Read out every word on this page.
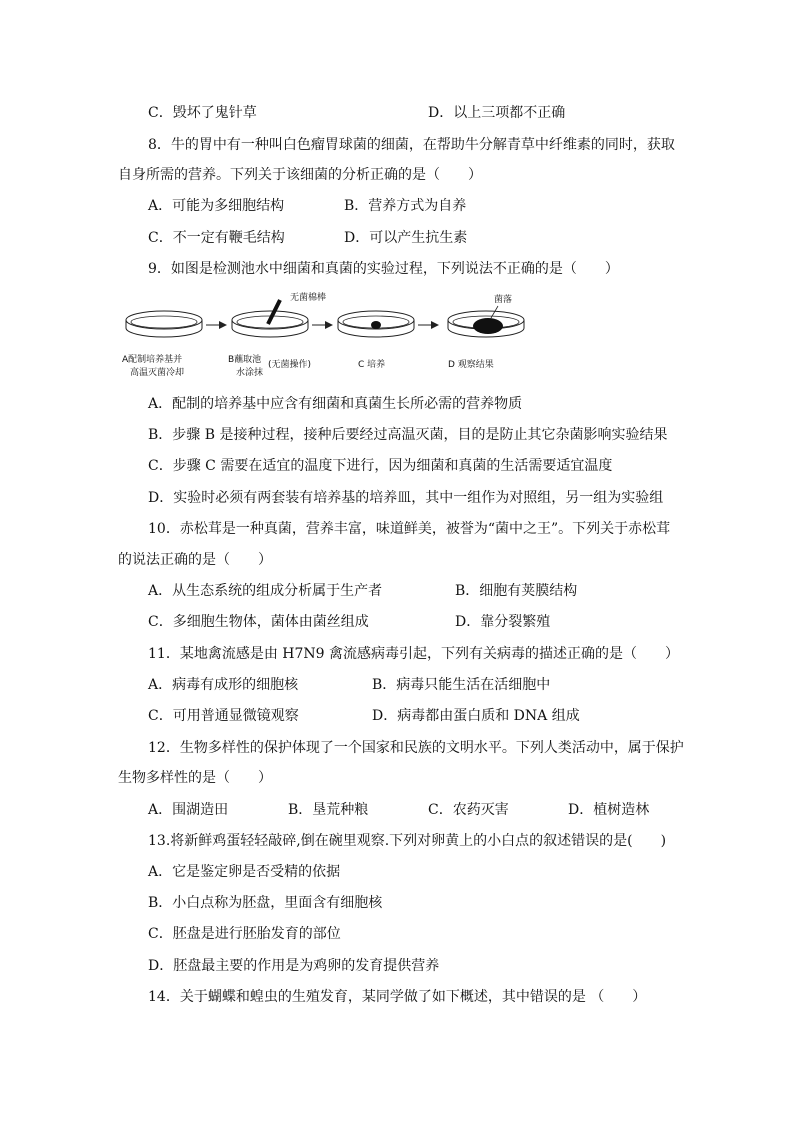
C．毁坏了鬼针草	D．以上三项都不正确
8．牛的胃中有一种叫白色瘤胃球菌的细菌，在帮助牛分解青草中纤维素的同时，获取
自身所需的营养。下列关于该细菌的分析正确的是（　　）
A．可能为多细胞结构	B．营养方式为自养
C．不一定有鞭毛结构	D．可以产生抗生素
9．如图是检测池水中细菌和真菌的实验过程，下列说法不正确的是（　　）
无菌棉棒	菌落
A配制培养基并
高温灭菌冷却
B蘸取池
水涂抹
(无菌操作)	C 培养	D 观察结果
A．配制的培养基中应含有细菌和真菌生长所必需的营养物质
B．步骤 B 是接种过程，接种后要经过高温灭菌，目的是防止其它杂菌影响实验结果
C．步骤 C 需要在适宜的温度下进行，因为细菌和真菌的生活需要适宜温度
D．实验时必须有两套装有培养基的培养皿，其中一组作为对照组，另一组为实验组
10．赤松茸是一种真菌，营养丰富，味道鲜美，被誉为“菌中之王”。下列关于赤松茸
的说法正确的是（　　）
A．从生态系统的组成分析属于生产者	B．细胞有荚膜结构
C．多细胞生物体，菌体由菌丝组成	D．靠分裂繁殖
11．某地禽流感是由 H7N9 禽流感病毒引起，下列有关病毒的描述正确的是（　　）
A．病毒有成形的细胞核	B．病毒只能生活在活细胞中
C．可用普通显微镜观察	D．病毒都由蛋白质和 DNA 组成
12．生物多样性的保护体现了一个国家和民族的文明水平。下列人类活动中，属于保护
生物多样性的是（　　）
A．围湖造田	B．垦荒种粮	C．农药灭害	D．植树造林
13.将新鲜鸡蛋轻轻敲碎,倒在碗里观察.下列对卵黄上的小白点的叙述错误的是(　　)
A．它是鉴定卵是否受精的依据
B．小白点称为胚盘，里面含有细胞核
C．胚盘是进行胚胎发育的部位
D．胚盘最主要的作用是为鸡卵的发育提供营养
14．关于蝴蝶和蝗虫的生殖发育，某同学做了如下概述，其中错误的是 （　　）
